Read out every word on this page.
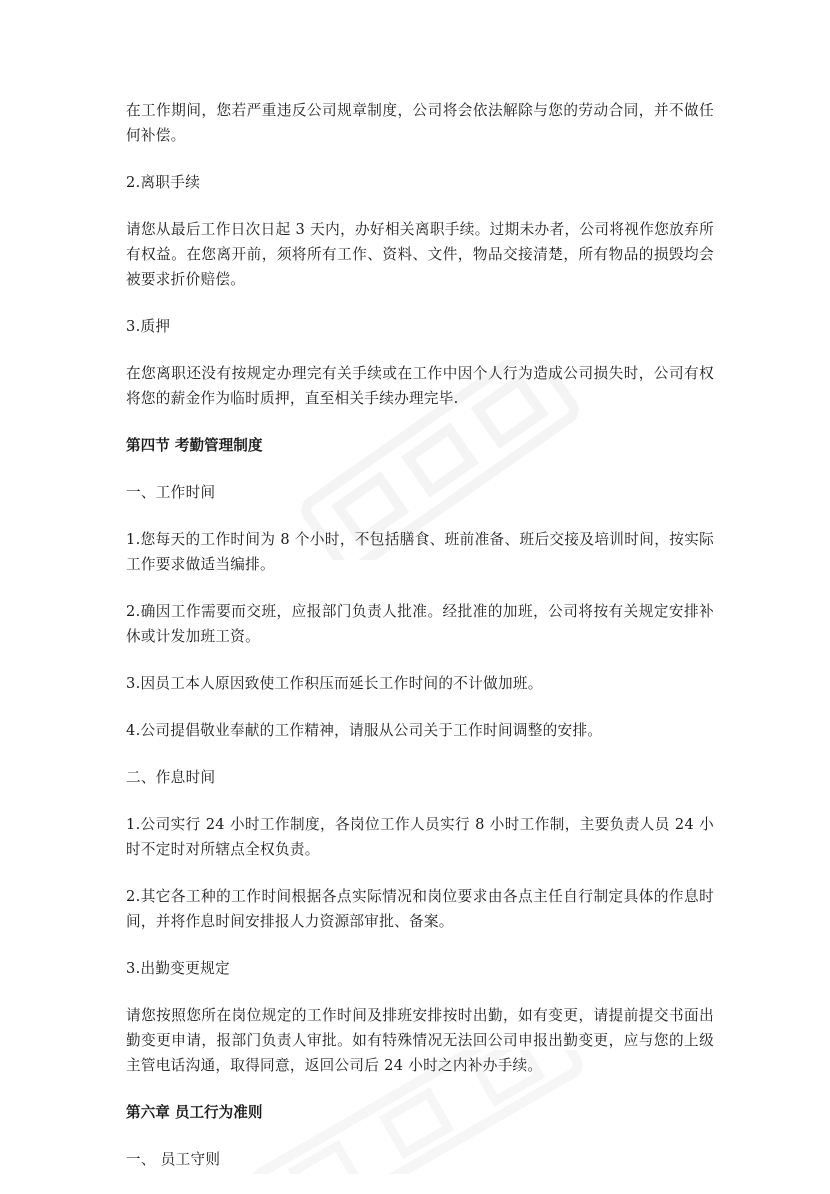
在工作期间，您若严重违反公司规章制度，公司将会依法解除与您的劳动合同，并不做任何补偿。

2.离职手续

请您从最后工作日次日起 3 天内，办好相关离职手续。过期未办者，公司将视作您放弃所有权益。在您离开前，须将所有工作、资料、文件，物品交接清楚，所有物品的损毁均会被要求折价赔偿。

3.质押

在您离职还没有按规定办理完有关手续或在工作中因个人行为造成公司损失时，公司有权将您的薪金作为临时质押，直至相关手续办理完毕.

第四节 考勤管理制度

一、工作时间

1.您每天的工作时间为 8 个小时，不包括膳食、班前准备、班后交接及培训时间，按实际工作要求做适当编排。

2.确因工作需要而交班，应报部门负责人批准。经批准的加班，公司将按有关规定安排补休或计发加班工资。

3.因员工本人原因致使工作积压而延长工作时间的不计做加班。

4.公司提倡敬业奉献的工作精神，请服从公司关于工作时间调整的安排。

二、作息时间

1.公司实行 24 小时工作制度，各岗位工作人员实行 8 小时工作制，主要负责人员 24 小时不定时对所辖点全权负责。

2.其它各工种的工作时间根据各点实际情况和岗位要求由各点主任自行制定具体的作息时间，并将作息时间安排报人力资源部审批、备案。

3.出勤变更规定

请您按照您所在岗位规定的工作时间及排班安排按时出勤，如有变更，请提前提交书面出勤变更申请，报部门负责人审批。如有特殊情况无法回公司申报出勤变更，应与您的上级主管电话沟通，取得同意，返回公司后 24 小时之内补办手续。

第六章 员工行为准则

一、 员工守则
